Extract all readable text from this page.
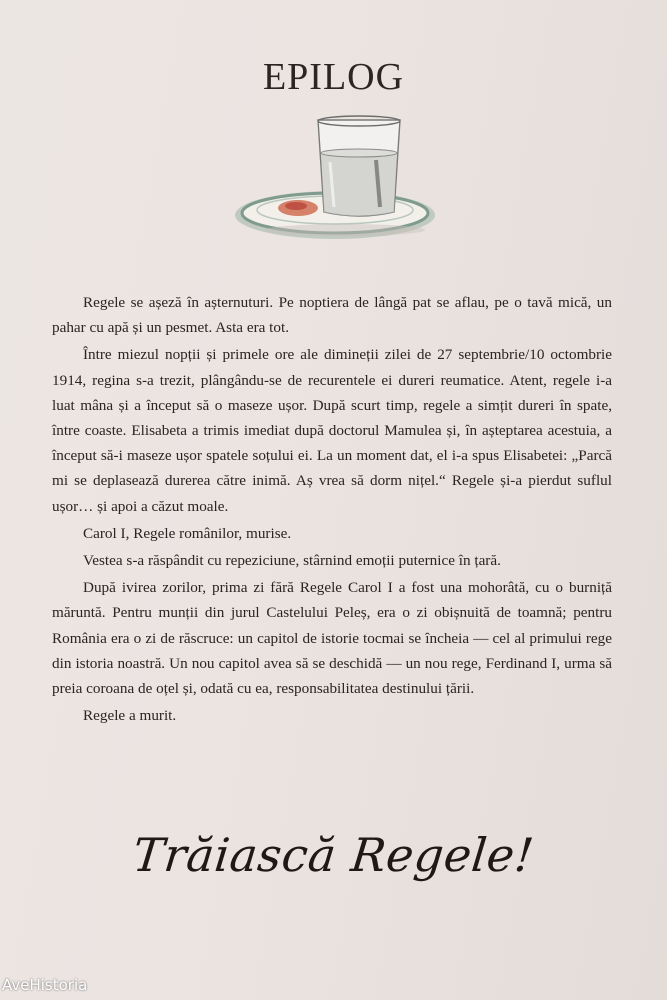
EPILOG

Regele se așeză în așternuturi. Pe noptiera de lângă pat se aflau, pe o tavă mică, un pahar cu apă și un pesmet. Asta era tot.

Între miezul nopții și primele ore ale dimineții zilei de 27 septembrie/10 octombrie 1914, regina s-a trezit, plângându-se de recurentele ei dureri reumatice. Atent, regele i-a luat mâna și a început să o maseze ușor. După scurt timp, regele a simțit dureri în spate, între coaste. Elisabeta a trimis imediat după doctorul Mamulea și, în așteptarea acestuia, a început să-i maseze ușor spatele soțului ei. La un moment dat, el i-a spus Elisabetei: „Parcă mi se deplasează durerea către inimă. Aș vrea să dorm nițel.“ Regele și-a pierdut suflul ușor… și apoi a căzut moale.

Carol I, Regele românilor, murise.

Vestea s-a răspândit cu repeziciune, stârnind emoții puternice în țară.

După ivirea zorilor, prima zi fără Regele Carol I a fost una mohorâtă, cu o burniță măruntă. Pentru munții din jurul Castelului Peleș, era o zi obișnuită de toamnă; pentru România era o zi de răscruce: un capitol de istorie tocmai se încheia — cel al primului rege din istoria noastră. Un nou capitol avea să se deschidă — un nou rege, Ferdinand I, urma să preia coroana de oțel și, odată cu ea, responsabilitatea destinului țării.

Regele a murit.

Trăiască Regele!
AveHistoria
